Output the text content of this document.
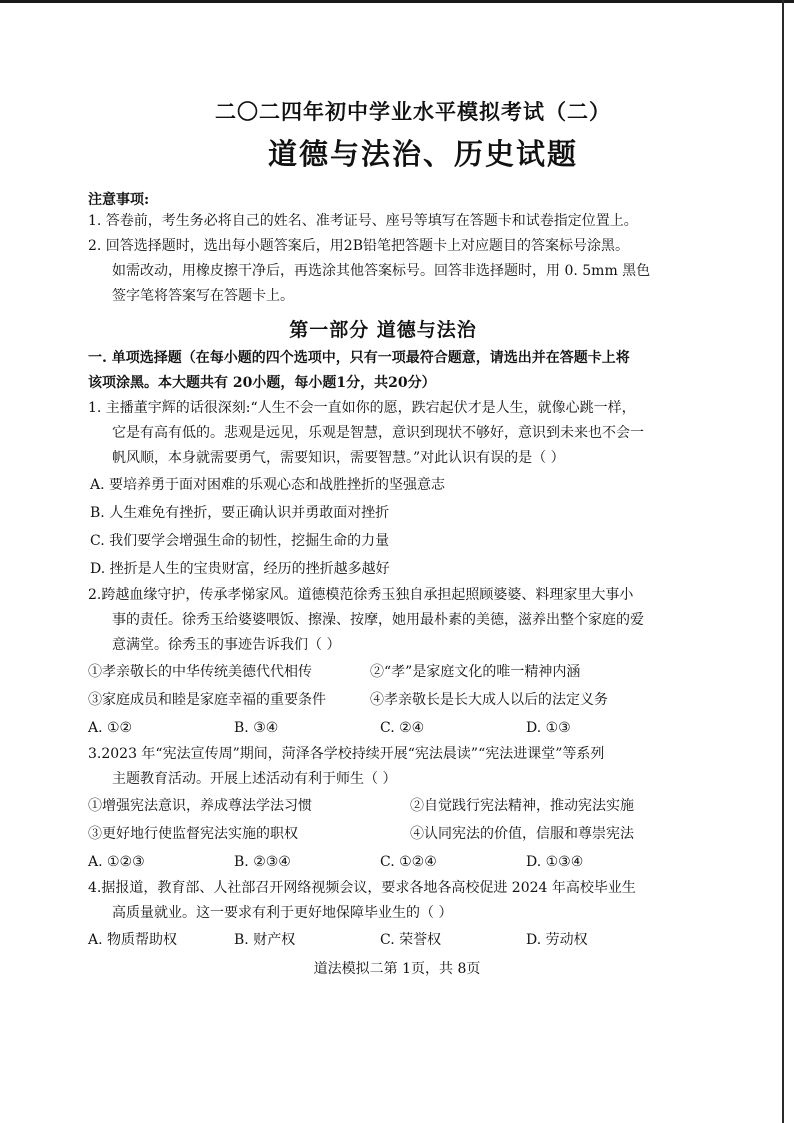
二〇二四年初中学业水平模拟考试（二）
道德与法治、历史试题
注意事项:
1. 答卷前，考生务必将自己的姓名、准考证号、座号等填写在答题卡和试卷指定位置上。
2. 回答选择题时，选出每小题答案后，用2B铅笔把答题卡上对应题目的答案标号涂黑。
如需改动，用橡皮擦干净后，再选涂其他答案标号。回答非选择题时，用 0. 5mm 黑色
签字笔将答案写在答题卡上。
第一部分 道德与法治
一. 单项选择题（在每小题的四个选项中，只有一项最符合题意，请选出并在答题卡上将
该项涂黑。本大题共有 20小题，每小题1分，共20分）
1. 主播董宇辉的话很深刻:“人生不会一直如你的愿，跌宕起伏才是人生，就像心跳一样，
它是有高有低的。悲观是远见，乐观是智慧，意识到现状不够好，意识到未来也不会一
帆风顺，本身就需要勇气，需要知识，需要智慧。”对此认识有误的是（ ）
A. 要培养勇于面对困难的乐观心态和战胜挫折的坚强意志
B. 人生难免有挫折，要正确认识并勇敢面对挫折
C. 我们要学会增强生命的韧性，挖掘生命的力量
D. 挫折是人生的宝贵财富，经历的挫折越多越好
2.跨越血缘守护，传承孝悌家风。道德模范徐秀玉独自承担起照顾婆婆、料理家里大事小
事的责任。徐秀玉给婆婆喂饭、擦澡、按摩，她用最朴素的美德，滋养出整个家庭的爱
意满堂。徐秀玉的事迹告诉我们（ ）
①孝亲敬长的中华传统美德代代相传	②“孝”是家庭文化的唯一精神内涵
③家庭成员和睦是家庭幸福的重要条件	④孝亲敬长是长大成人以后的法定义务
A. ①②	B. ③④	C. ②④	D. ①③
3.2023 年“宪法宣传周”期间，菏泽各学校持续开展“宪法晨读”“宪法进课堂”等系列
主题教育活动。开展上述活动有利于师生（ ）
①增强宪法意识，养成尊法学法习惯	②自觉践行宪法精神，推动宪法实施
③更好地行使监督宪法实施的职权	④认同宪法的价值，信服和尊崇宪法
A. ①②③	B. ②③④	C. ①②④	D. ①③④
4.据报道，教育部、人社部召开网络视频会议，要求各地各高校促进 2024 年高校毕业生
高质量就业。这一要求有利于更好地保障毕业生的（ ）
A. 物质帮助权	B. 财产权	C. 荣誉权	D. 劳动权
道法模拟二第 1页，共 8页
